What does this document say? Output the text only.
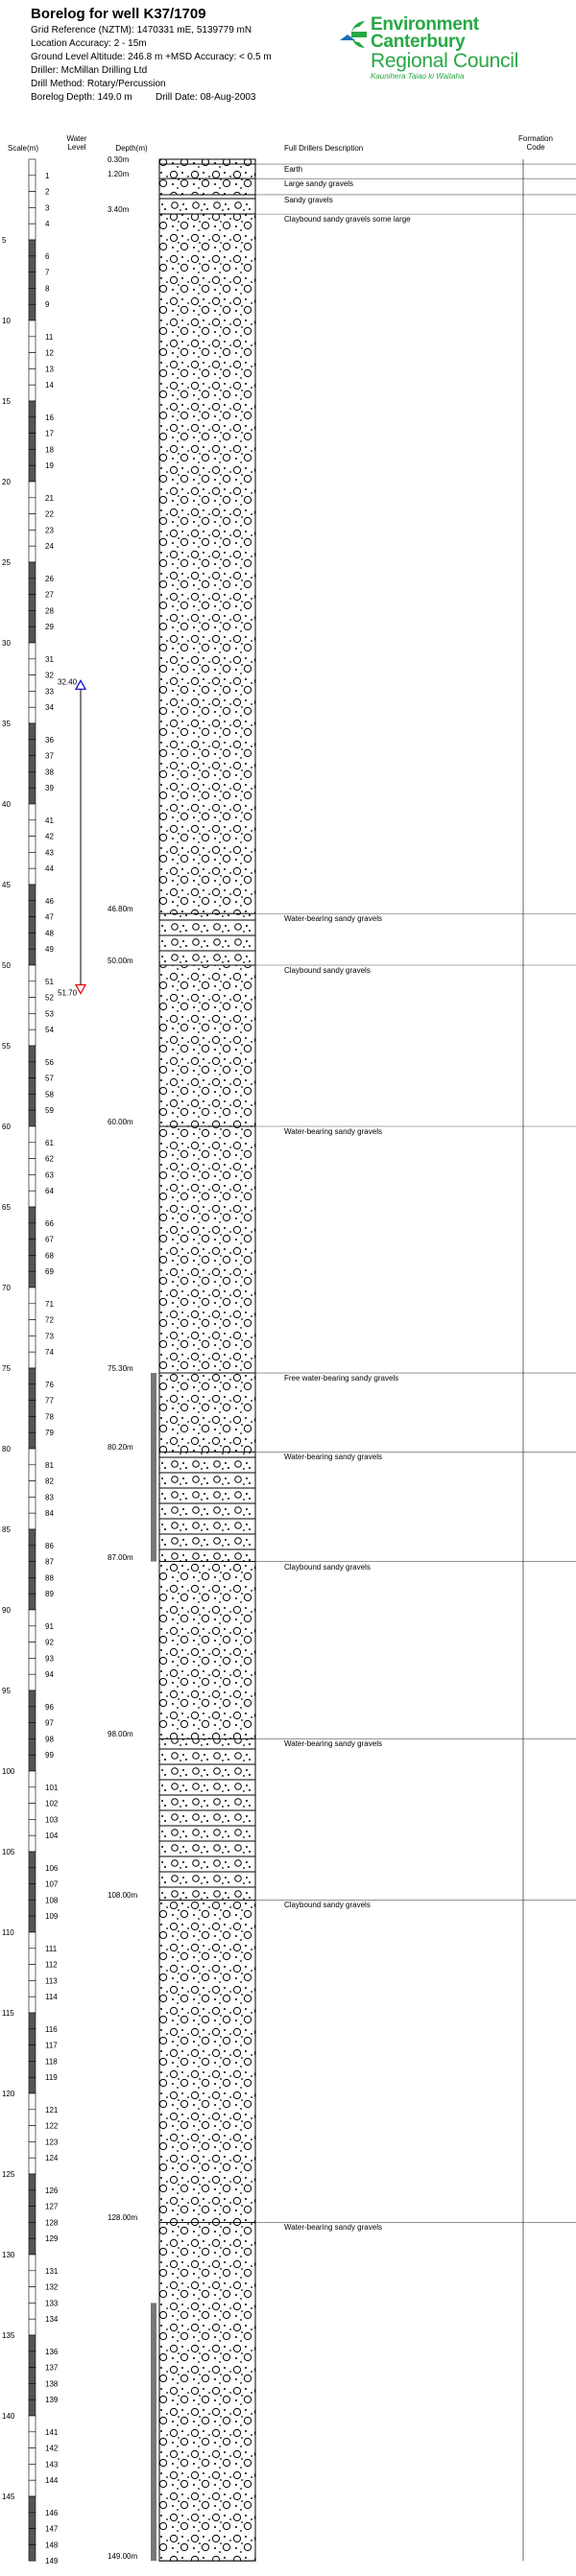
Borelog for well K37/1709
Grid Reference (NZTM): 1470331 mE, 5139779 mN
Location Accuracy: 2 - 15m
Ground Level Altitude: 246.8 m +MSD Accuracy: < 0.5 m
Driller: McMillan Drilling Ltd
Drill Method: Rotary/Percussion
Borelog Depth: 149.0 m Drill Date: 08-Aug-2003
Environment
Canterbury
Regional Council
Kaunihera Taiao ki Waitaha
Scale(m)
Water
Level	Depth(m)	Full Drillers Description
Formation
Code
5
10
15
20
25
30
35
40
45
50
55
60
65
70
75
80
85
90
95
100
105
110
115
120
125
130
135
140
145
1
2
3
4
6
7
8
9
11
12
13
14
16
17
18
19
21
22
23
24
26
27
28
29
31
32
33
34
36
37
38
39
41
42
43
44
46
47
48
49
51
52
53
54
56
57
58
59
61
62
63
64
66
67
68
69
71
72
73
74
76
77
78
79
81
82
83
84
86
87
88
89
91
92
93
94
96
97
98
99
101
102
103
104
106
107
108
109
111
112
113
114
116
117
118
119
121
122
123
124
126
127
128
129
131
132
133
134
136
137
138
139
141
142
143
144
146
147
148
149
32.40
51.70
0.30m
Earth
1.20m
Large sandy gravels
Sandy gravels
3.40m
Claybound sandy gravels some large
46.80m
Water-bearing sandy gravels
50.00m
Claybound sandy gravels
60.00m
Water-bearing sandy gravels
75.30m
Free water-bearing sandy gravels
80.20m
Water-bearing sandy gravels
87.00m
Claybound sandy gravels
98.00m
Water-bearing sandy gravels
108.00m
Claybound sandy gravels
128.00m
Water-bearing sandy gravels
149.00m
